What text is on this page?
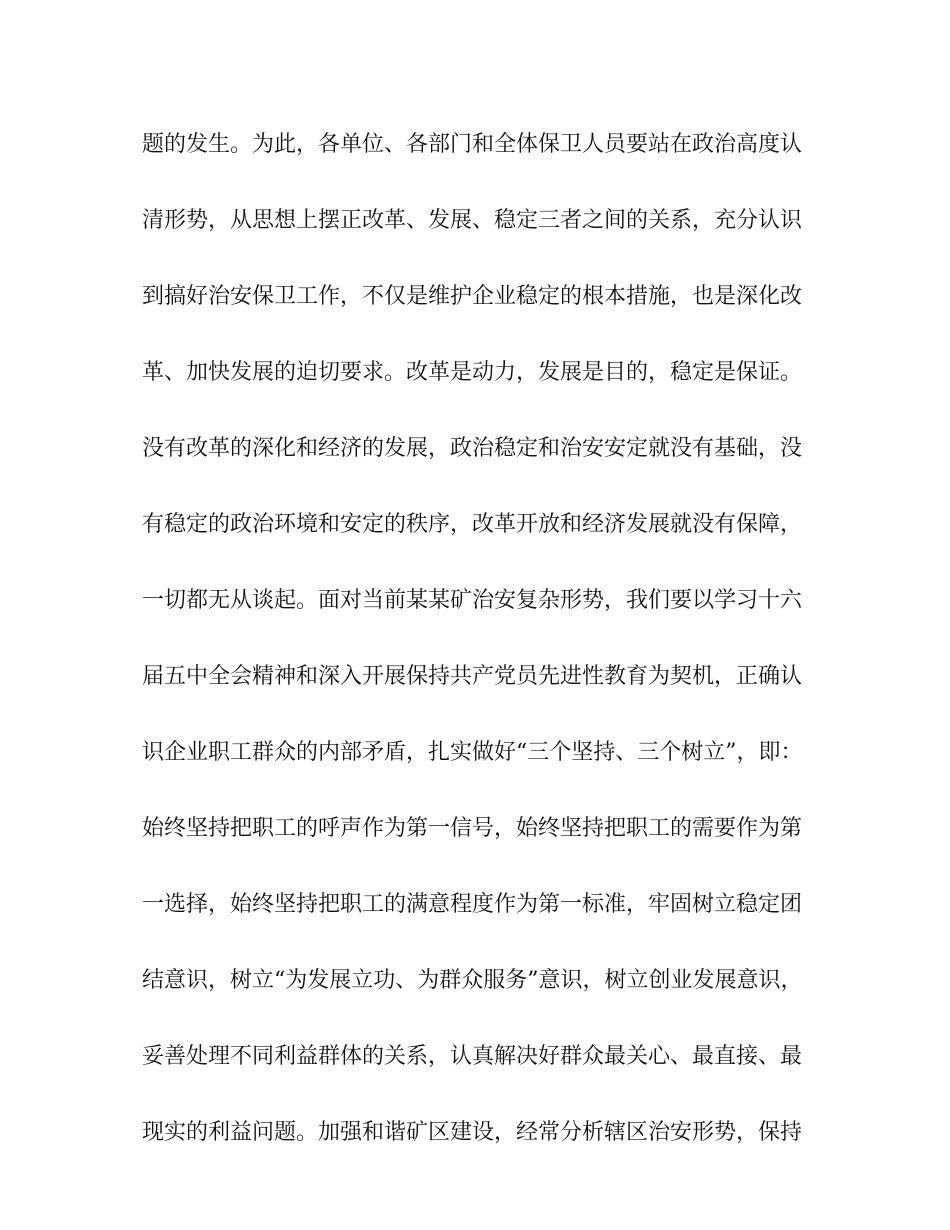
题的发生。为此，各单位、各部门和全体保卫人员要站在政治高度认

清形势，从思想上摆正改革、发展、稳定三者之间的关系，充分认识

到搞好治安保卫工作，不仅是维护企业稳定的根本措施，也是深化改

革、加快发展的迫切要求。改革是动力，发展是目的，稳定是保证。

没有改革的深化和经济的发展，政治稳定和治安安定就没有基础，没

有稳定的政治环境和安定的秩序，改革开放和经济发展就没有保障，

一切都无从谈起。面对当前某某矿治安复杂形势，我们要以学习十六

届五中全会精神和深入开展保持共产党员先进性教育为契机，正确认

识企业职工群众的内部矛盾，扎实做好“三个坚持、三个树立”，即：

始终坚持把职工的呼声作为第一信号，始终坚持把职工的需要作为第

一选择，始终坚持把职工的满意程度作为第一标准，牢固树立稳定团

结意识，树立“为发展立功、为群众服务”意识，树立创业发展意识，

妥善处理不同利益群体的关系，认真解决好群众最关心、最直接、最

现实的利益问题。加强和谐矿区建设，经常分析辖区治安形势，保持
